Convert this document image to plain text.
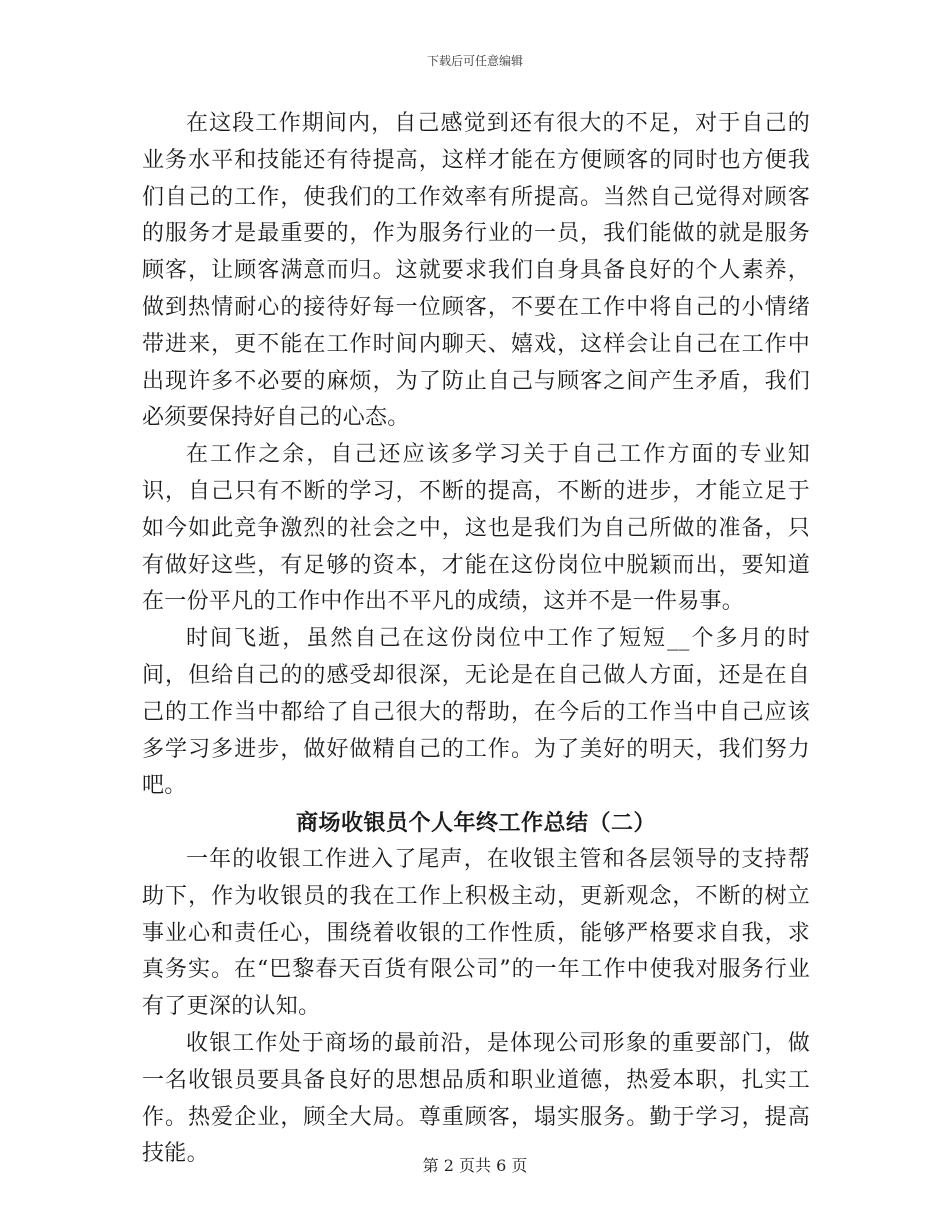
下载后可任意编辑

在这段工作期间内，自己感觉到还有很大的不足，对于自己的业务水平和技能还有待提高，这样才能在方便顾客的同时也方便我们自己的工作，使我们的工作效率有所提高。当然自己觉得对顾客的服务才是最重要的，作为服务行业的一员，我们能做的就是服务顾客，让顾客满意而归。这就要求我们自身具备良好的个人素养，做到热情耐心的接待好每一位顾客，不要在工作中将自己的小情绪带进来，更不能在工作时间内聊天、嬉戏，这样会让自己在工作中出现许多不必要的麻烦，为了防止自己与顾客之间产生矛盾，我们必须要保持好自己的心态。

在工作之余，自己还应该多学习关于自己工作方面的专业知识，自己只有不断的学习，不断的提高，不断的进步，才能立足于如今如此竞争激烈的社会之中，这也是我们为自己所做的准备，只有做好这些，有足够的资本，才能在这份岗位中脱颖而出，要知道在一份平凡的工作中作出不平凡的成绩，这并不是一件易事。

时间飞逝，虽然自己在这份岗位中工作了短短__个多月的时间，但给自己的的感受却很深，无论是在自己做人方面，还是在自己的工作当中都给了自己很大的帮助，在今后的工作当中自己应该多学习多进步，做好做精自己的工作。为了美好的明天，我们努力吧。

商场收银员个人年终工作总结（二）

一年的收银工作进入了尾声，在收银主管和各层领导的支持帮助下，作为收银员的我在工作上积极主动，更新观念，不断的树立事业心和责任心，围绕着收银的工作性质，能够严格要求自我，求真务实。在“巴黎春天百货有限公司”的一年工作中使我对服务行业有了更深的认知。

收银工作处于商场的最前沿，是体现公司形象的重要部门，做一名收银员要具备良好的思想品质和职业道德，热爱本职，扎实工作。热爱企业，顾全大局。尊重顾客，塌实服务。勤于学习，提高技能。	第 2 页共 6 页
